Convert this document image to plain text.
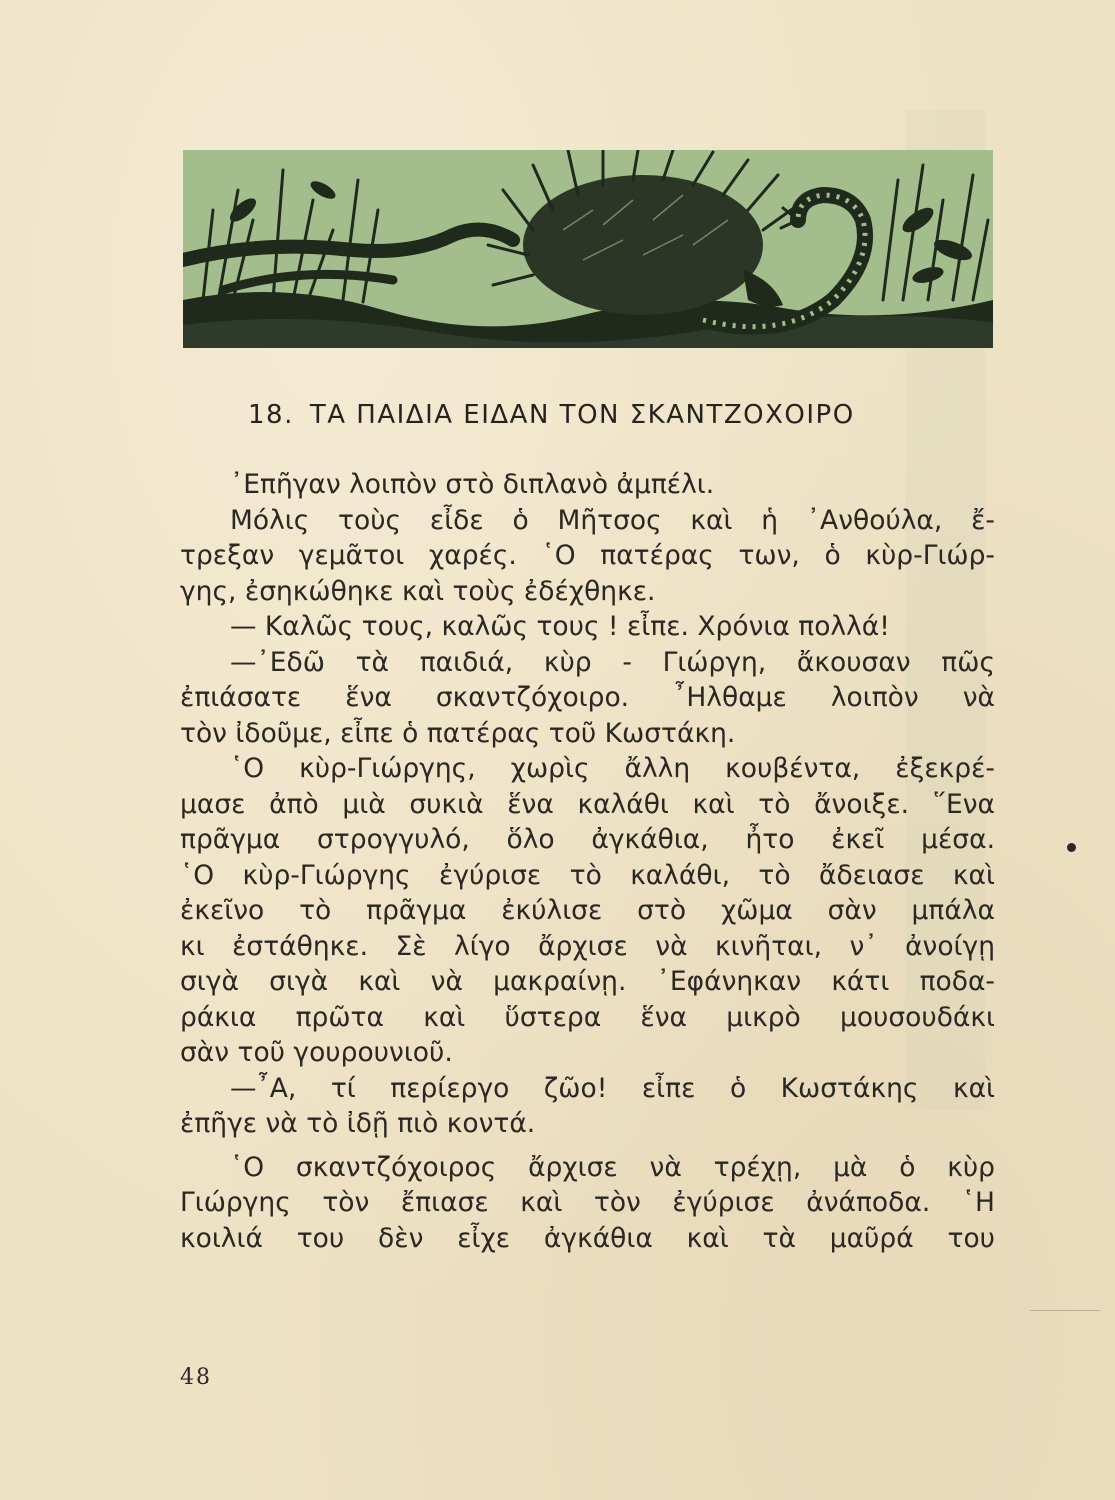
18. ΤΑ ΠΑΙΔΙΑ ΕΙΔΑΝ ΤΟΝ ΣΚΑΝΤΖΟΧΟΙΡΟ
᾿Επῆγαν λοιπὸν στὸ διπλανὸ ἀμπέλι.
Μόλις τοὺς εἶδε ὁ Μῆτσος καὶ ἡ ᾿Ανθούλα, ἔ-
τρεξαν γεμᾶτοι χαρές. ῾Ο πατέρας των, ὁ κὺρ-Γιώρ-
γης, ἐσηκώθηκε καὶ τοὺς ἐδέχθηκε.
— Καλῶς τους, καλῶς τους ! εἶπε. Χρόνια πολλά!
—᾿Εδῶ τὰ παιδιά, κὺρ - Γιώργη, ἄκουσαν πῶς
ἐπιάσατε ἕνα σκαντζόχοιρο. ῏Ηλθαμε λοιπὸν νὰ
τὸν ἰδοῦμε, εἶπε ὁ πατέρας τοῦ Κωστάκη.
῾Ο κὺρ-Γιώργης, χωρὶς ἄλλη κουβέντα, ἐξεκρέ-
μασε ἀπὸ μιὰ συκιὰ ἕνα καλάθι καὶ τὸ ἄνοιξε. ῞Ενα
πρᾶγμα στρογγυλό, ὅλο ἀγκάθια, ἦτο ἐκεῖ μέσα.
῾Ο κὺρ-Γιώργης ἐγύρισε τὸ καλάθι, τὸ ἄδειασε καὶ
ἐκεῖνο τὸ πρᾶγμα ἐκύλισε στὸ χῶμα σὰν μπάλα
κι ἐστάθηκε. Σὲ λίγο ἄρχισε νὰ κινῆται, ν᾿ ἀνοίγῃ
σιγὰ σιγὰ καὶ νὰ μακραίνῃ. ᾿Εφάνηκαν κάτι ποδα-
ράκια πρῶτα καὶ ὕστερα ἕνα μικρὸ μουσουδάκι
σὰν τοῦ γουρουνιοῦ.
—῏Α, τί περίεργο ζῶο! εἶπε ὁ Κωστάκης καὶ
ἐπῆγε νὰ τὸ ἰδῇ πιὸ κοντά.
῾Ο σκαντζόχοιρος ἄρχισε νὰ τρέχῃ, μὰ ὁ κὺρ
Γιώργης τὸν ἔπιασε καὶ τὸν ἐγύρισε ἀνάποδα. ῾Η
κοιλιά του δὲν εἶχε ἀγκάθια καὶ τὰ μαῦρά του
48
